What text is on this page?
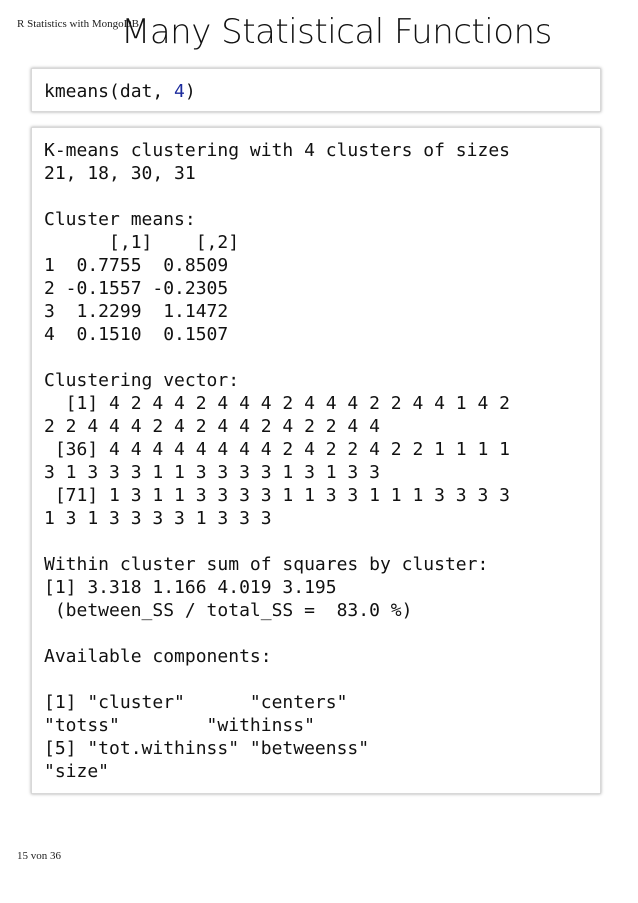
R Statistics with MongoDB
Many Statistical Functions
kmeans(dat, 4)
K-means clustering with 4 clusters of sizes
21, 18, 30, 31
Cluster means:
[,1]    [,2]
1  0.7755  0.8509
2 -0.1557 -0.2305
3  1.2299  1.1472
4  0.1510  0.1507
Clustering vector:
[1] 4 2 4 4 2 4 4 4 2 4 4 4 2 2 4 4 1 4 2
2 2 4 4 4 2 4 2 4 4 2 4 2 2 4 4
[36] 4 4 4 4 4 4 4 4 2 4 2 2 4 2 2 1 1 1 1
3 1 3 3 3 1 1 3 3 3 3 1 3 1 3 3
[71] 1 3 1 1 3 3 3 3 1 1 3 3 1 1 1 3 3 3 3
1 3 1 3 3 3 3 1 3 3 3
Within cluster sum of squares by cluster:
[1] 3.318 1.166 4.019 3.195
(between_SS / total_SS =  83.0 %)
Available components:
[1] "cluster"      "centers"
"totss"        "withinss"
[5] "tot.withinss" "betweenss"
"size"
15 von 36
